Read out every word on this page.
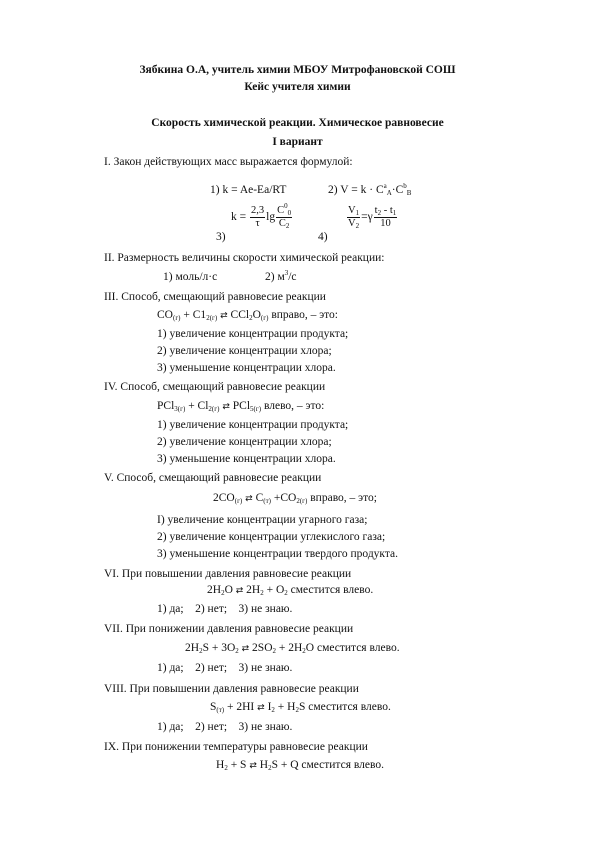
Зябкина О.А, учитель химии МБОУ Митрофановской СОШ
Кейс учителя химии
Скорость химической реакции. Химическое равновесие
I вариант
I. Закон действующих масс выражается формулой:
1) k = Ae-Ea/RT	2) $V = k \cdot C^a_A\cdot C^b_B$
$k = \frac{2,3}{\tau}$ $\lg \frac{C^0_0}{C_2}$
3)	4)
$\frac{V_1}{V_2} =\gamma \frac{t_2 - t_1}{10}$
II. Размерность величины скорости химической реакции:
1) моль/л·с	2) $м^3/с$
III. Способ, смещающий равновесие реакции
$CO_{(г)} + C1_{2(г)}$ ⇄ $CCl_2O_{(г)}$ вправо, – это:
1) увеличение концентрации продукта;
2) увеличение концентрации хлора;
3) уменьшение концентрации хлора.
IV. Способ, смещающий равновесие реакции
$PCl_{3(г)} + Cl_{2(г)}$ ⇄ PCl$_{5(г)}$ влево, – это:
1) увеличение концентрации продукта;
2) увеличение концентрации хлора;
3) уменьшение концентрации хлора.
V. Способ, смещающий равновесие реакции
$2CO_{(г)}$ ⇄ $C_{(т)} +CO_{2(г)}$ вправо, – это;
I) увеличение концентрации угарного газа;
2) увеличение концентрации углекислого газа;
3) уменьшение концентрации твердого продукта.
VI. При повышении давления равновесие реакции
$2H_2O$ ⇄ $2H_2 + O_2$ сместится влево.
1) да;    2) нет;    3) не знаю.
VII. При понижении давления равновесие реакции
$2H_2S + 3O_2$ ⇄ $2SO_2 + 2H_2O$ сместится влево.
1) да;    2) нет;    3) не знаю.
VIII. При повышении давления равновесие реакции
$S_{(т)} + 2HI$ ⇄ $I_2 + H_2S$ сместится влево.
1) да;    2) нет;    3) не знаю.
IX. При понижении температуры равновесие реакции
$H_2 + S$ ⇄ $H_2S + Q$ сместится влево.
